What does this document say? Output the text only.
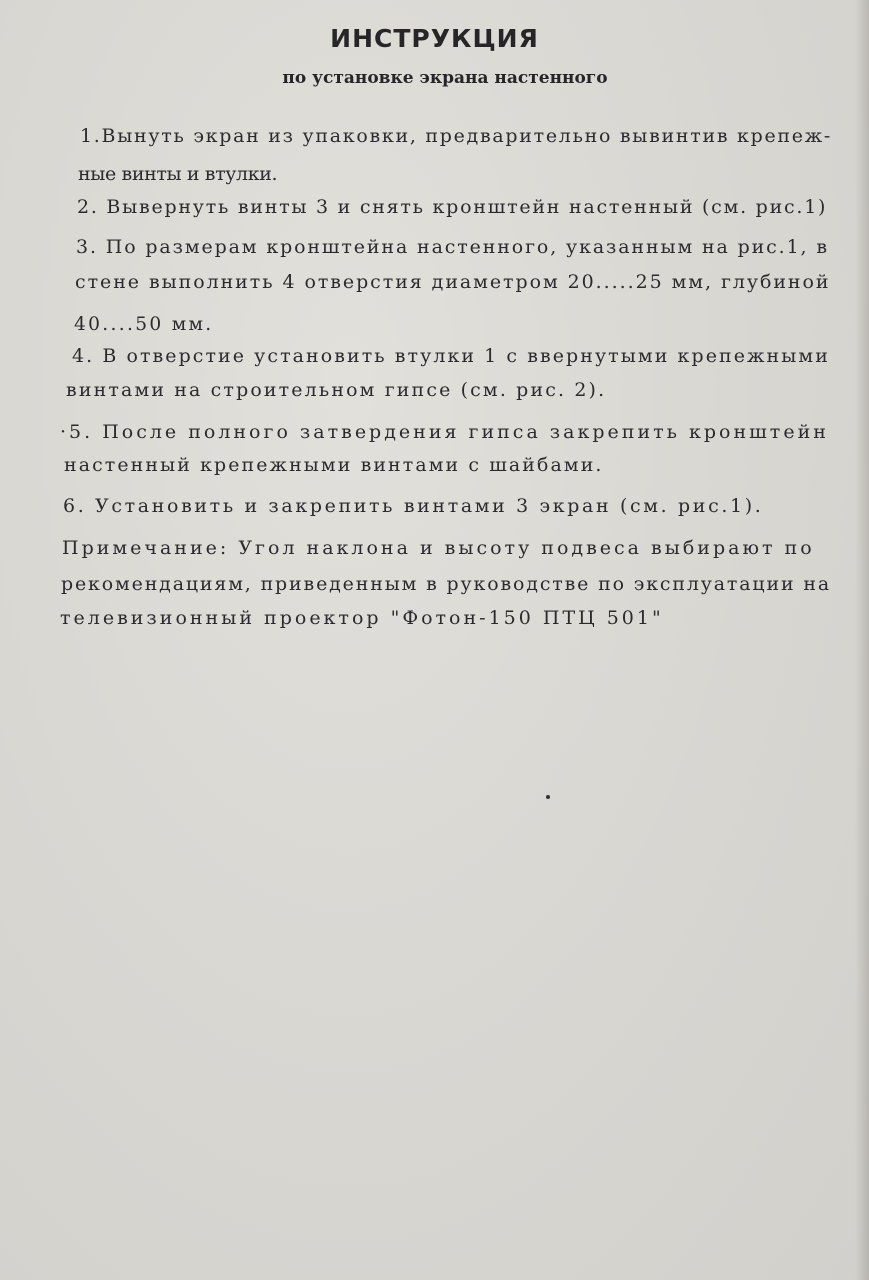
ИНСТРУКЦИЯ
по установке экрана настенного
1.Вынуть экран из упаковки, предварительно вывинтив крепеж-
ные винты и втулки.
2. Вывернуть винты 3 и снять кронштейн настенный (см. рис.1)
3. По размерам кронштейна настенного, указанным на рис.1, в
стене выполнить 4 отверстия диаметром 20.....25 мм, глубиной
40....50 мм.
4. В отверстие установить втулки 1 с ввернутыми крепежными
винтами на строительном гипсе (см. рис. 2).
·5. После полного затвердения гипса закрепить кронштейн
настенный крепежными винтами с шайбами.
6. Установить и закрепить винтами 3 экран (см. рис.1).
Примечание: Угол наклона и высоту подвеса выбирают по
рекомендациям, приведенным в руководстве по эксплуатации на
телевизионный проектор "Фотон-150 ПТЦ 501"
